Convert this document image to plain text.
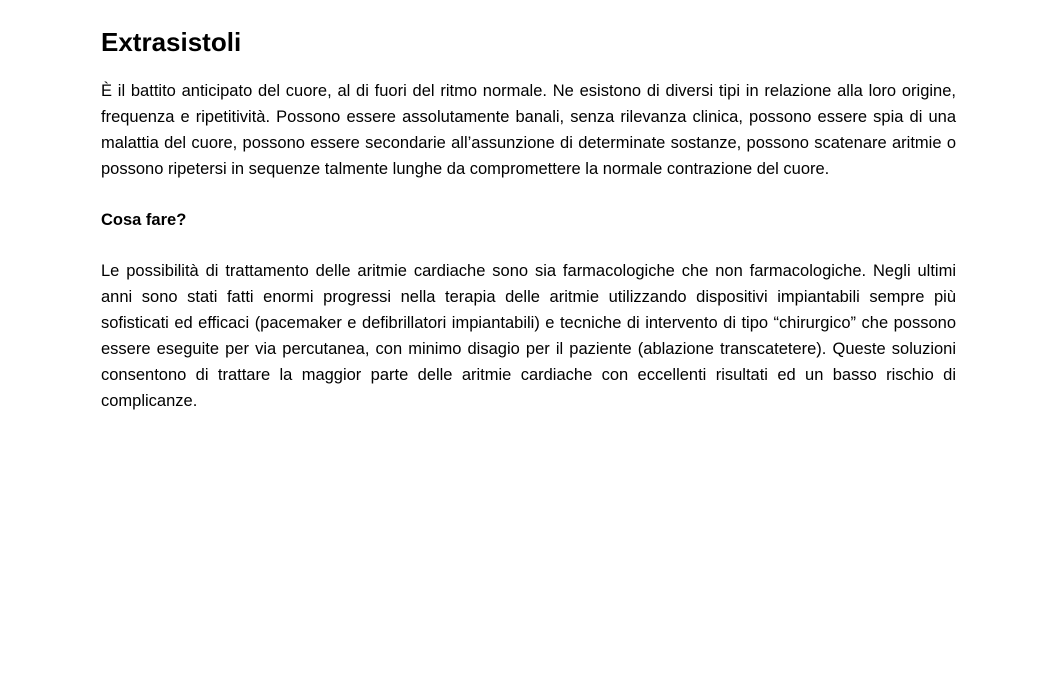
Extrasistoli

È il battito anticipato del cuore, al di fuori del ritmo normale. Ne esistono di diversi tipi in relazione alla loro origine, frequenza e ripetitività. Possono essere assolutamente banali, senza rilevanza clinica, possono essere spia di una malattia del cuore, possono essere secondarie all’assunzione di determinate sostanze, possono scatenare aritmie o possono ripetersi in sequenze talmente lunghe da compromettere la normale contrazione del cuore.

Cosa fare?

Le possibilità di trattamento delle aritmie cardiache sono sia farmacologiche che non farmacologiche. Negli ultimi anni sono stati fatti enormi progressi nella terapia delle aritmie utilizzando dispositivi impiantabili sempre più sofisticati ed efficaci (pacemaker e defibrillatori impiantabili) e tecniche di intervento di tipo “chirurgico” che possono essere eseguite per via percutanea, con minimo disagio per il paziente (ablazione transcatetere). Queste soluzioni consentono di trattare la maggior parte delle aritmie cardiache con eccellenti risultati ed un basso rischio di complicanze.
